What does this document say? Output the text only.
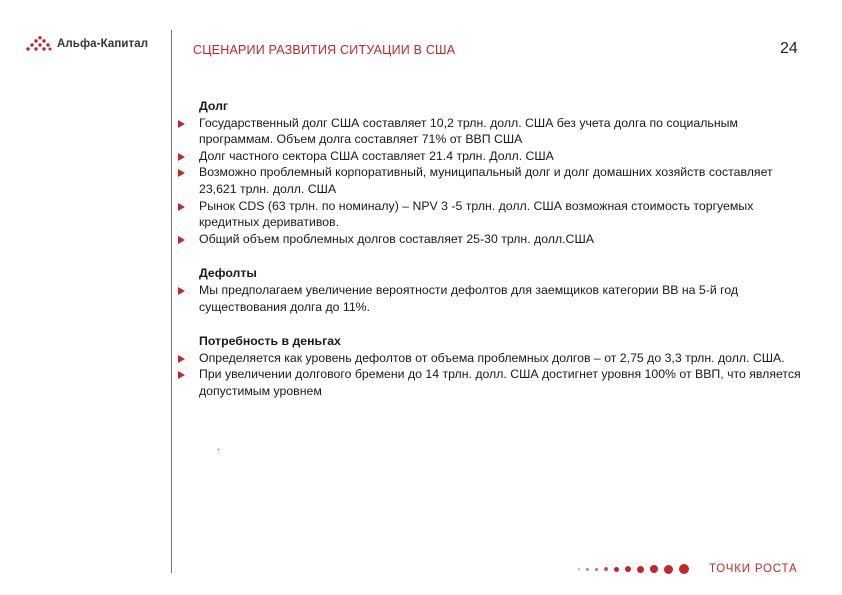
Альфа-Капитал	СЦЕНАРИИ РАЗВИТИЯ СИТУАЦИИ В США	24
Долг
Государственный долг США составляет 10,2 трлн. долл. США без учета долга по социальным программам. Объем долга составляет 71% от ВВП США
Долг частного сектора США составляет 21.4 трлн. Долл. США
Возможно проблемный корпоративный, муниципальный долг и долг домашних хозяйств составляет 23,621 трлн. долл. США
Рынок CDS (63 трлн. по номиналу) – NPV 3 -5 трлн. долл. США возможная стоимость торгуемых кредитных деривативов.
Общий объем проблемных долгов составляет 25-30 трлн. долл.США
Дефолты
Мы предполагаем увеличение вероятности дефолтов для заемщиков категории ВВ на 5-й год существования долга до 11%.
Потребность в деньгах
Определяется как уровень дефолтов от объема проблемных долгов – от 2,75 до 3,3 трлн. долл. США.
При увеличении долгового бремени до 14 трлн. долл. США достигнет уровня 100% от ВВП, что является допустимым уровнем
.
ТОЧКИ РОСТА
